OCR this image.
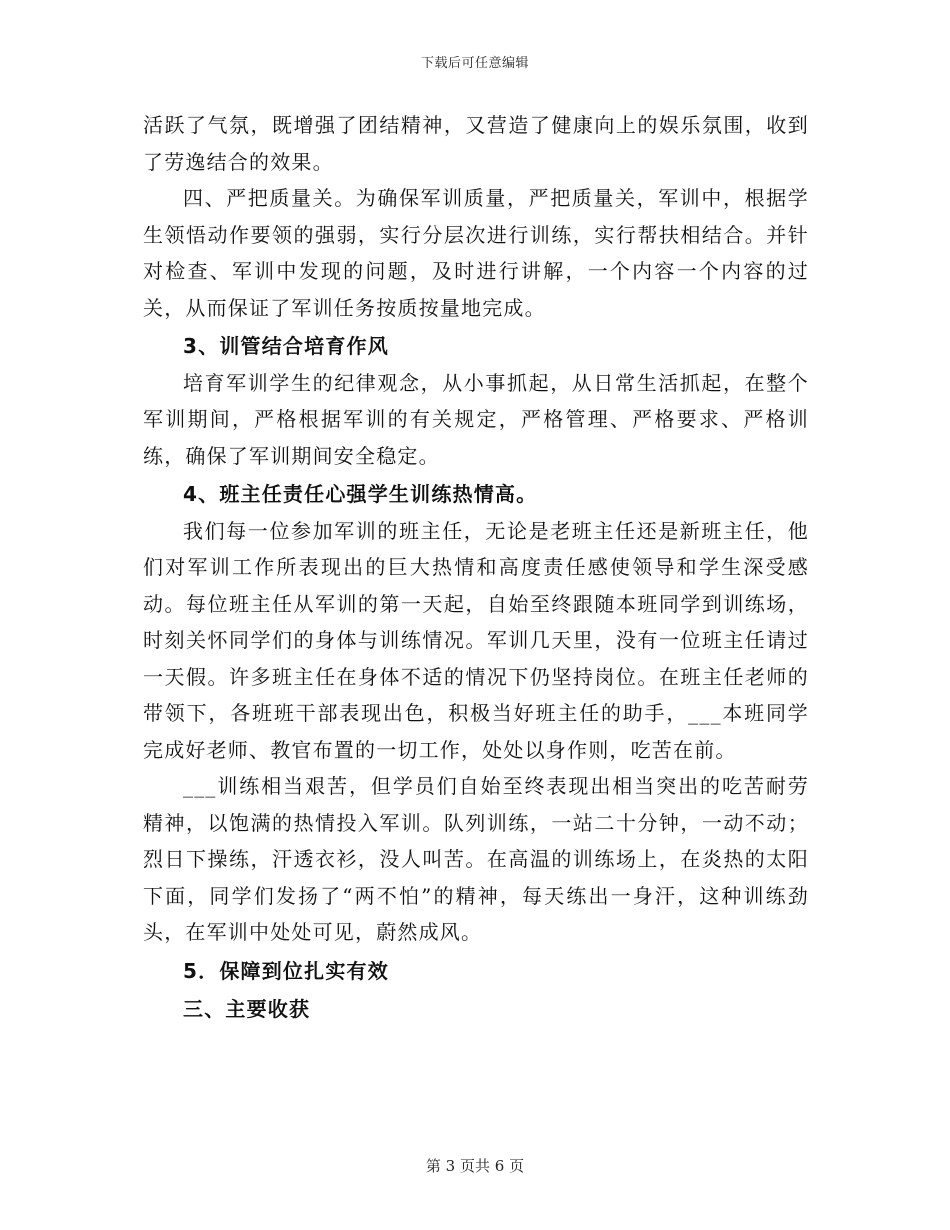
下载后可任意编辑

活跃了气氛，既增强了团结精神，又营造了健康向上的娱乐氛围，收到了劳逸结合的效果。

四、严把质量关。为确保军训质量，严把质量关，军训中，根据学生领悟动作要领的强弱，实行分层次进行训练，实行帮扶相结合。并针对检查、军训中发现的问题，及时进行讲解，一个内容一个内容的过关，从而保证了军训任务按质按量地完成。

3、训管结合培育作风

培育军训学生的纪律观念，从小事抓起，从日常生活抓起，在整个军训期间，严格根据军训的有关规定，严格管理、严格要求、严格训练，确保了军训期间安全稳定。

4、班主任责任心强学生训练热情高。

我们每一位参加军训的班主任，无论是老班主任还是新班主任，他们对军训工作所表现出的巨大热情和高度责任感使领导和学生深受感动。每位班主任从军训的第一天起，自始至终跟随本班同学到训练场，时刻关怀同学们的身体与训练情况。军训几天里，没有一位班主任请过一天假。许多班主任在身体不适的情况下仍坚持岗位。在班主任老师的带领下，各班班干部表现出色，积极当好班主任的助手，___本班同学完成好老师、教官布置的一切工作，处处以身作则，吃苦在前。

___训练相当艰苦，但学员们自始至终表现出相当突出的吃苦耐劳精神，以饱满的热情投入军训。队列训练，一站二十分钟，一动不动；烈日下操练，汗透衣衫，没人叫苦。在高温的训练场上，在炎热的太阳下面，同学们发扬了“两不怕”的精神，每天练出一身汗，这种训练劲头，在军训中处处可见，蔚然成风。

5．保障到位扎实有效

三、主要收获

第 3 页共 6 页
